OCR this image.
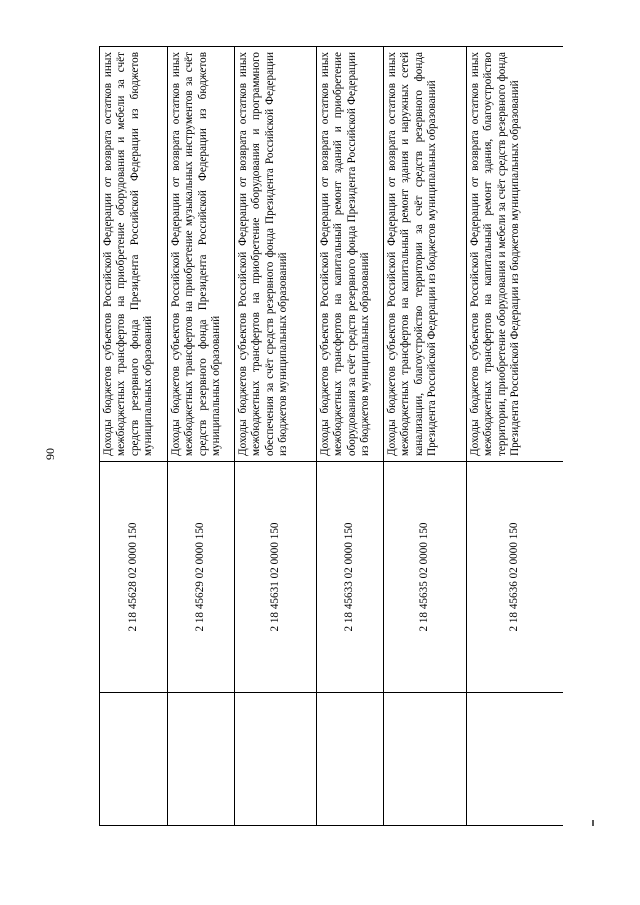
90
	2 18 45628 02 0000 150	Доходы бюджетов субъектов Российской Федерации от возврата остатков иных межбюджетных трансфертов на приобретение оборудования и мебели за счёт средств резервного фонда Президента Российской Федерации из бюджетов муниципальных образований
	2 18 45629 02 0000 150	Доходы бюджетов субъектов Российской Федерации от возврата остатков иных межбюджетных трансфертов на приобретение музыкальных инструментов за счёт средств резервного фонда Президента Российской Федерации из бюджетов муниципальных образований
	2 18 45631 02 0000 150	Доходы бюджетов субъектов Российской Федерации от возврата остатков иных межбюджетных трансфертов на приобретение оборудования и программного обеспечения за счёт средств резервного фонда Президента Российской Федерации из бюджетов муниципальных образований
	2 18 45633 02 0000 150	Доходы бюджетов субъектов Российской Федерации от возврата остатков иных межбюджетных трансфертов на капитальный ремонт зданий и приобретение оборудования за счёт средств резервного фонда Президента Российской Федерации из бюджетов муниципальных образований
	2 18 45635 02 0000 150	Доходы бюджетов субъектов Российской Федерации от возврата остатков иных межбюджетных трансфертов на капитальный ремонт здания и наружных сетей канализации, благоустройство территории за счёт средств резервного фонда Президента Российской Федерации из бюджетов муниципальных образований
	2 18 45636 02 0000 150	Доходы бюджетов субъектов Российской Федерации от возврата остатков иных межбюджетных трансфертов на капитальный ремонт здания, благоустройство территории, приобретение оборудования и мебели за счёт средств резервного фонда Президента Российской Федерации из бюджетов муниципальных образований
